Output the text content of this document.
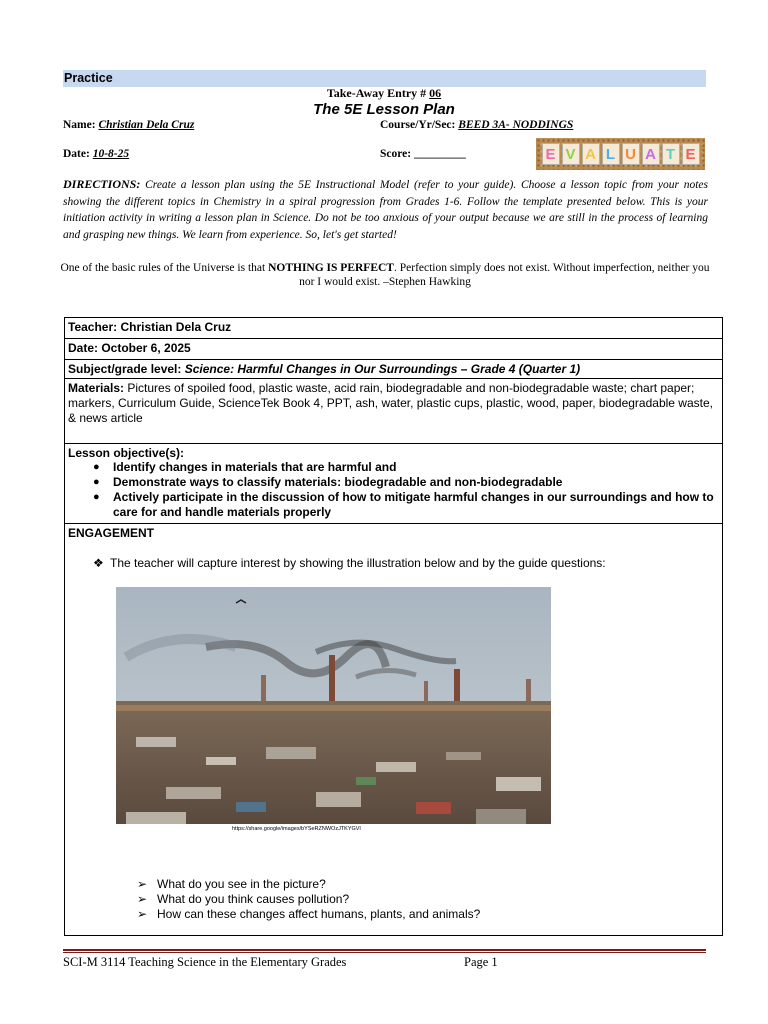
Practice
Take-Away Entry # 06
The 5E Lesson Plan
Name: Christian Dela Cruz	Course/Yr/Sec: BEED 3A- NODDINGS
Date: 10-8-25	Score: _________	E V A L U A T E
DIRECTIONS: Create a lesson plan using the 5E Instructional Model (refer to your guide). Choose a lesson topic from your notes showing the different topics in Chemistry in a spiral progression from Grades 1-6. Follow the template presented below. This is your initiation activity in writing a lesson plan in Science. Do not be too anxious of your output because we are still in the process of learning and grasping new things. We learn from experience. So, let's get started!
One of the basic rules of the Universe is that NOTHING IS PERFECT. Perfection simply does not exist. Without imperfection, neither you nor I would exist. –Stephen Hawking
Teacher: Christian Dela Cruz
Date: October 6, 2025
Subject/grade level: Science: Harmful Changes in Our Surroundings – Grade 4 (Quarter 1)
Materials: Pictures of spoiled food, plastic waste, acid rain, biodegradable and non-biodegradable waste; chart paper; markers, Curriculum Guide, ScienceTek Book 4, PPT, ash, water, plastic cups, plastic, wood, paper, biodegradable waste, & news article
Lesson objective(s):
● Identify changes in materials that are harmful and
● Demonstrate ways to classify materials: biodegradable and non-biodegradable
● Actively participate in the discussion of how to mitigate harmful changes in our surroundings and how to care for and handle materials properly
ENGAGEMENT
❖ The teacher will capture interest by showing the illustration below and by the guide questions:
https://share.google/images/bYSeRZNWOzJTKYGVl
➢ What do you see in the picture?
➢ What do you think causes pollution?
➢ How can these changes affect humans, plants, and animals?
SCI-M 3114 Teaching Science in the Elementary Grades	Page 1
